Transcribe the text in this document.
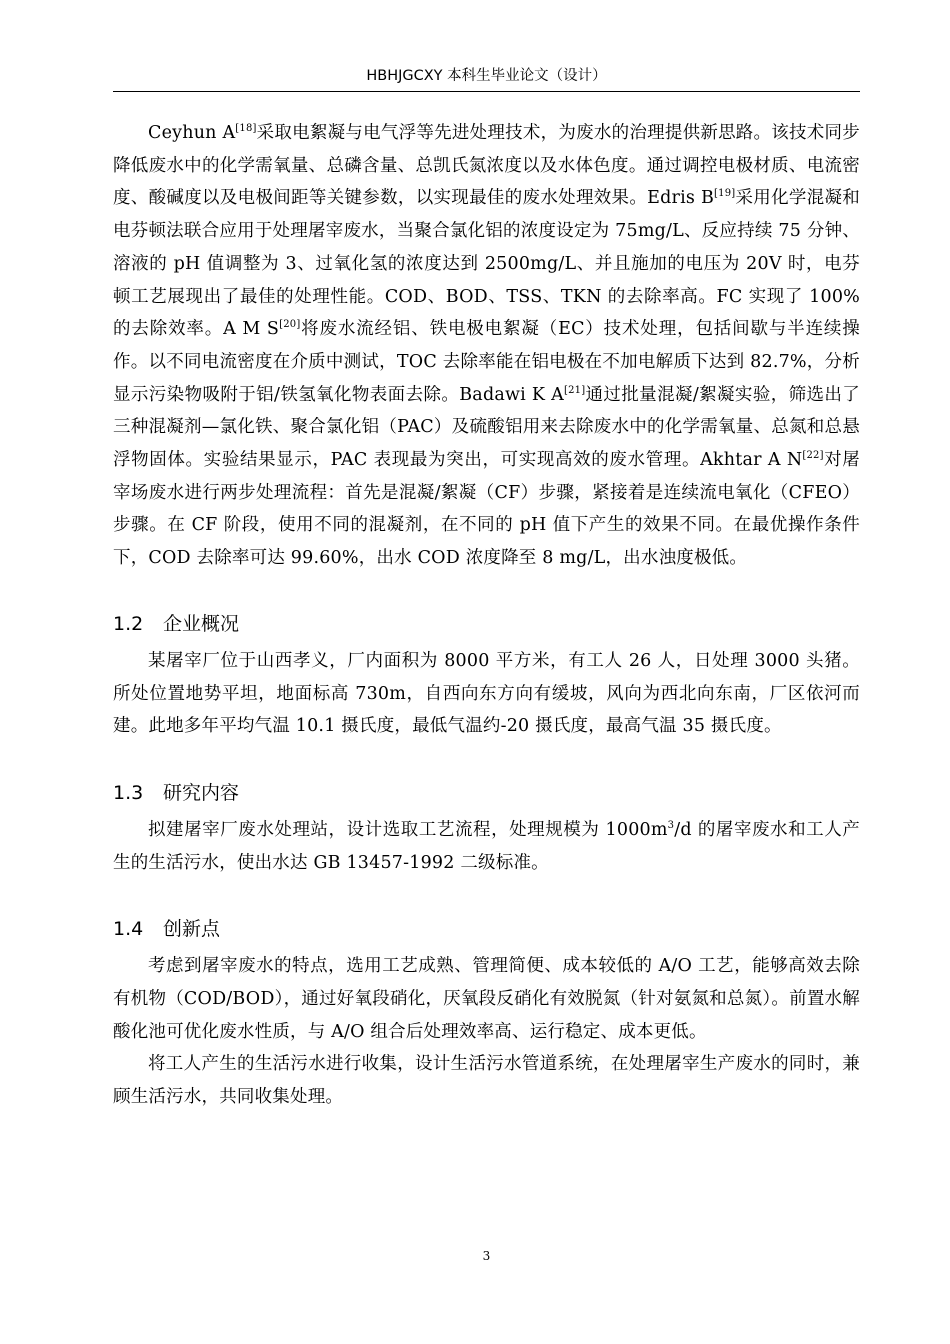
HBHJGCXY 本科生毕业论文（设计）

Ceyhun A[18]采取电絮凝与电气浮等先进处理技术，为废水的治理提供新思路。该技术同步降低废水中的化学需氧量、总磷含量、总凯氏氮浓度以及水体色度。通过调控电极材质、电流密度、酸碱度以及电极间距等关键参数，以实现最佳的废水处理效果。Edris B[19]采用化学混凝和电芬顿法联合应用于处理屠宰废水，当聚合氯化铝的浓度设定为 75mg/L、反应持续 75 分钟、溶液的 pH 值调整为 3、过氧化氢的浓度达到 2500mg/L、并且施加的电压为 20V 时，电芬顿工艺展现出了最佳的处理性能。COD、BOD、TSS、TKN 的去除率高。FC 实现了 100%的去除效率。A M S[20]将废水流经铝、铁电极电絮凝（EC）技术处理，包括间歇与半连续操作。以不同电流密度在介质中测试，TOC 去除率能在铝电极在不加电解质下达到 82.7%，分析显示污染物吸附于铝/铁氢氧化物表面去除。Badawi K A[21]通过批量混凝/絮凝实验，筛选出了三种混凝剂—氯化铁、聚合氯化铝（PAC）及硫酸铝用来去除废水中的化学需氧量、总氮和总悬浮物固体。实验结果显示，PAC 表现最为突出，可实现高效的废水管理。Akhtar A N[22]对屠宰场废水进行两步处理流程：首先是混凝/絮凝（CF）步骤，紧接着是连续流电氧化（CFEO）步骤。在 CF 阶段，使用不同的混凝剂，在不同的 pH 值下产生的效果不同。在最优操作条件下，COD 去除率可达 99.60%，出水 COD 浓度降至 8 mg/L，出水浊度极低。

1.2	企业概况

某屠宰厂位于山西孝义，厂内面积为 8000 平方米，有工人 26 人，日处理 3000 头猪。所处位置地势平坦，地面标高 730m，自西向东方向有缓坡，风向为西北向东南，厂区依河而建。此地多年平均气温 10.1 摄氏度，最低气温约-20 摄氏度，最高气温 35 摄氏度。

1.3	研究内容

拟建屠宰厂废水处理站，设计选取工艺流程，处理规模为 $1000m^3/d$ 的屠宰废水和工人产生的生活污水，使出水达 GB 13457-1992 二级标准。

1.4	创新点

考虑到屠宰废水的特点，选用工艺成熟、管理简便、成本较低的 A/O 工艺，能够高效去除有机物（COD/BOD），通过好氧段硝化，厌氧段反硝化有效脱氮（针对氨氮和总氮）。前置水解酸化池可优化废水性质，与 A/O 组合后处理效率高、运行稳定、成本更低。

将工人产生的生活污水进行收集，设计生活污水管道系统，在处理屠宰生产废水的同时，兼顾生活污水，共同收集处理。

3
